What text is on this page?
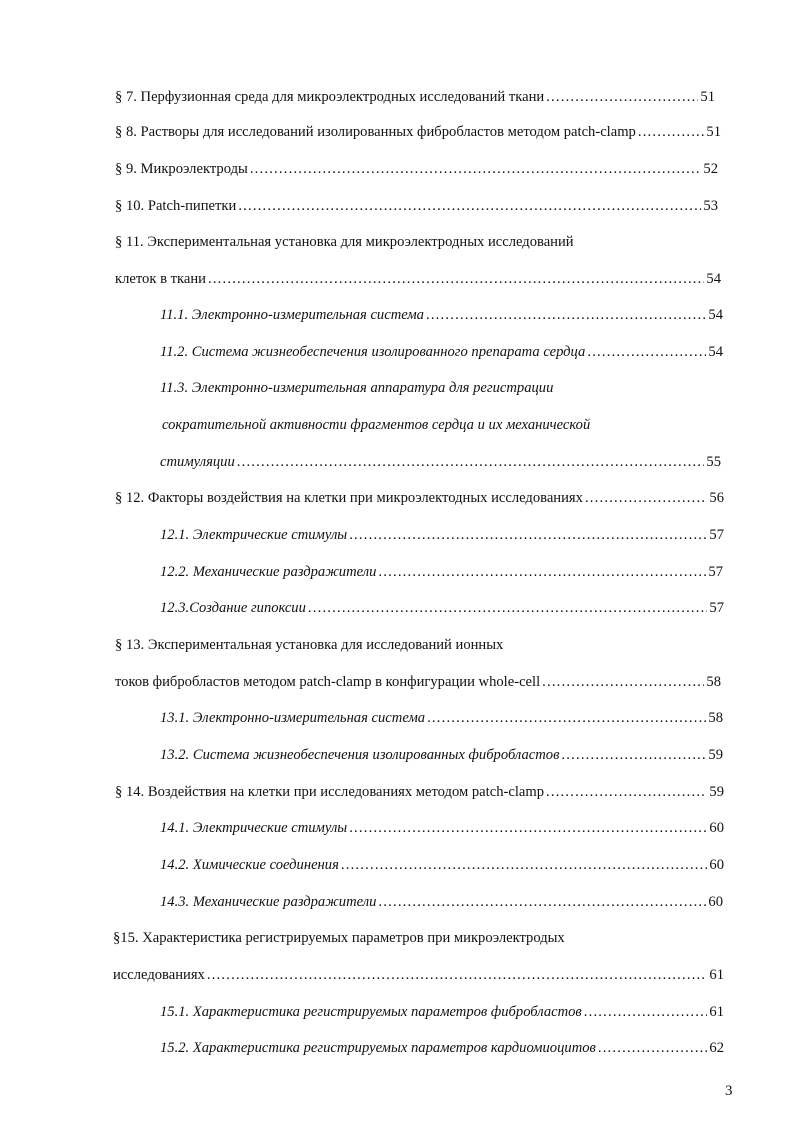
§ 7. Перфузионная среда для микроэлектродных исследований ткани .....	51
§ 8. Растворы для исследований изолированных фибробластов методом patch-clamp .....	51
§ 9. Микроэлектроды .....	52
§ 10. Patch-пипетки .....	53
§ 11. Экспериментальная установка для микроэлектродных исследований
клеток в ткани .....	54
11.1. Электронно-измерительная система .....	54
11.2. Система жизнеобеспечения изолированного препарата сердца .....	54
11.3. Электронно-измерительная аппаратура для регистрации
сократительной активности фрагментов сердца и их механической
стимуляции .....	55
§ 12. Факторы воздействия на клетки при микроэлектодных исследованиях .....	56
12.1. Электрические стимулы .....	57
12.2. Механические раздражители .....	57
12.3.Создание гипоксии .....	57
§ 13. Экспериментальная установка для исследований ионных
токов фибробластов методом patch-clamp в конфигурации whole-cell .....	58
13.1. Электронно-измерительная система .....	58
13.2. Система жизнеобеспечения изолированных фибробластов .....	59
§ 14. Воздействия на клетки при исследованиях методом patch-clamp .....	59
14.1. Электрические стимулы .....	60
14.2. Химические соединения .....	60
14.3. Механические раздражители .....	60
§15. Характеристика регистрируемых параметров при микроэлектродых
исследованиях .....	61
15.1. Характеристика регистрируемых параметров фибробластов .....	61
15.2. Характеристика регистрируемых параметров кардиомиоцитов .....	62
3
